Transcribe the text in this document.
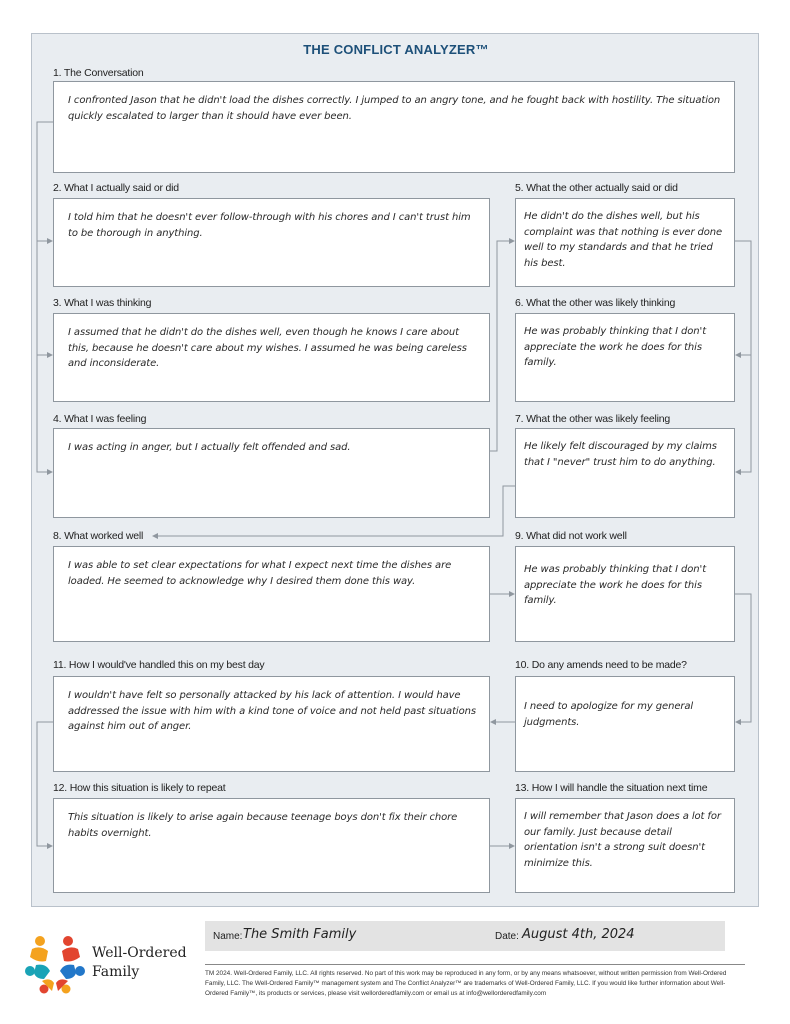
THE CONFLICT ANALYZER™
1. The Conversation
2. What I actually said or did
3. What I was thinking
4. What I was feeling
5. What the other actually said or did
6. What the other was likely thinking
7. What the other was likely feeling
8. What worked well	9. What did not work well
10. Do any amends need to be made?
11. How I would've handled this on my best day
12. How this situation is likely to repeat	13. How I will handle the situation next time

I confronted Jason that he didn't load the dishes correctly. I jumped to an angry tone, and he fought back with hostility. The situation quickly escalated to larger than it should have ever been.

I told him that he doesn't ever follow-through with his chores and I can't trust him to be thorough in anything.

I assumed that he didn't do the dishes well, even though he knows I care about this, because he doesn't care about my wishes. I assumed he was being careless and inconsiderate.

I was acting in anger, but I actually felt offended and sad.

He didn't do the dishes well, but his complaint was that nothing is ever done well to my standards and that he tried his best.

He was probably thinking that I don't appreciate the work he does for this family.

He likely felt discouraged by my claims that I "never" trust him to do anything.

I was able to set clear expectations for what I expect next time the dishes are loaded. He seemed to acknowledge why I desired them done this way.

He was probably thinking that I don't appreciate the work he does for this family.

I need to apologize for my general judgments.

I wouldn't have felt so personally attacked by his lack of attention. I would have addressed the issue with him with a kind tone of voice and not held past situations against him out of anger.

This situation is likely to arise again because teenage boys don't fix their chore habits overnight.

I will remember that Jason does a lot for our family. Just because detail orientation isn't a strong suit doesn't minimize this.

Well-Ordered
Family
Name: The Smith Family	Date: August 4th, 2024
TM 2024. Well-Ordered Family, LLC. All rights reserved. No part of this work may be reproduced in any form, or by any means whatsoever, without written permission from Well-Ordered Family, LLC. The Well-Ordered Family™ management system and The Conflict Analyzer™ are trademarks of Well-Ordered Family, LLC. If you would like further information about Well-Ordered Family™, its products or services, please visit wellorderedfamily.com or email us at info@wellorderedfamily.com
